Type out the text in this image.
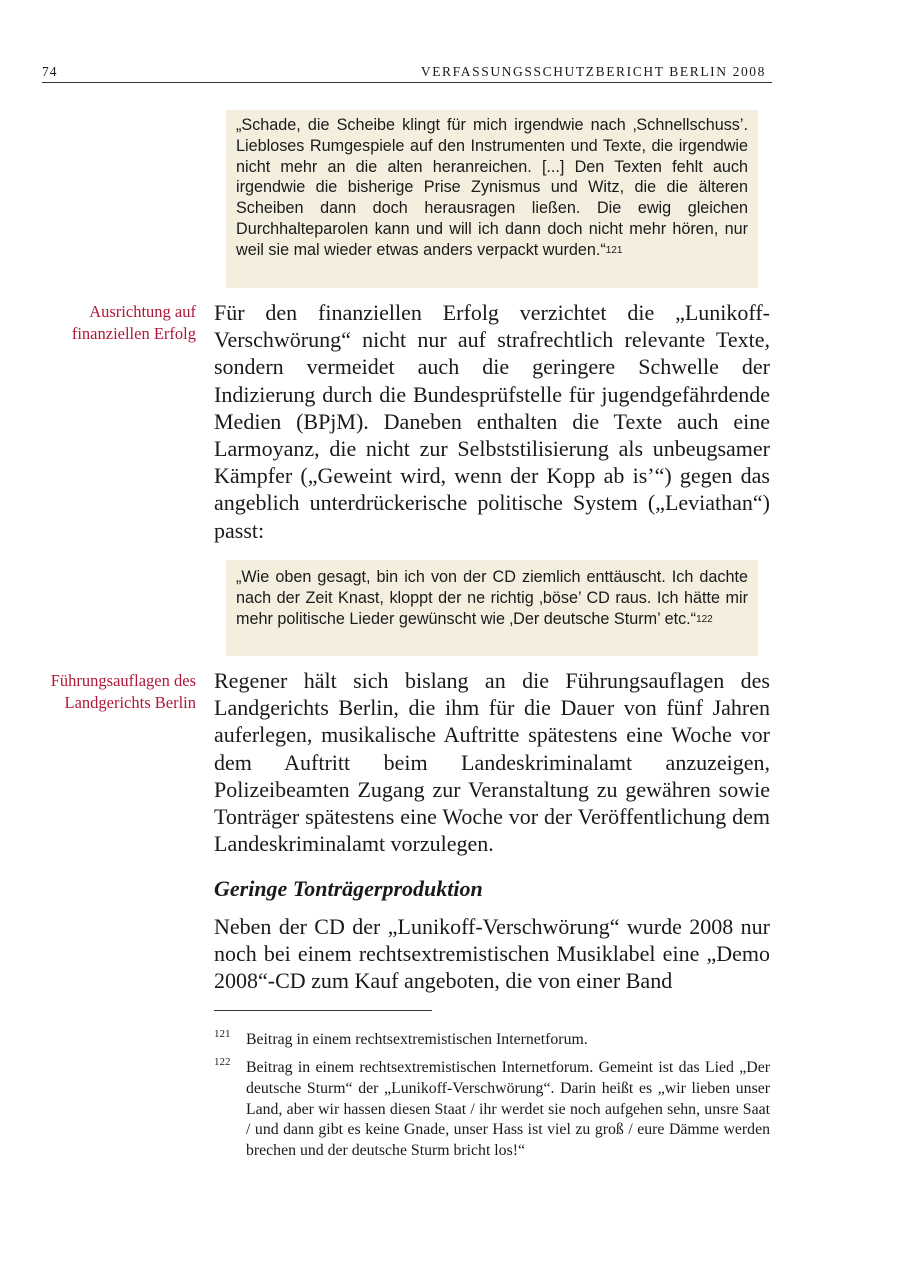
74	VERFASSUNGSSCHUTZBERICHT BERLIN 2008
„Schade, die Scheibe klingt für mich irgendwie nach ‚Schnellschuss’. Liebloses Rumgespiele auf den Instrumenten und Texte, die irgendwie nicht mehr an die alten heranreichen. [...] Den Texten fehlt auch irgendwie die bisherige Prise Zynismus und Witz, die die älteren Scheiben dann doch herausragen ließen. Die ewig gleichen Durchhalteparolen kann und will ich dann doch nicht mehr hören, nur weil sie mal wieder etwas anders verpackt wurden.“$^{121}$
Ausrichtung auf finanziellen Erfolg

Für den finanziellen Erfolg verzichtet die „Lunikoff-Verschwörung“ nicht nur auf strafrechtlich relevante Texte, sondern vermeidet auch die geringere Schwelle der Indizierung durch die Bundesprüfstelle für jugendgefährdende Medien (BPjM). Daneben enthalten die Texte auch eine Larmoyanz, die nicht zur Selbststilisierung als unbeugsamer Kämpfer („Geweint wird, wenn der Kopp ab is’“) gegen das angeblich unterdrückerische politische System („Leviathan“) passt:

„Wie oben gesagt, bin ich von der CD ziemlich enttäuscht. Ich dachte nach der Zeit Knast, kloppt der ne richtig ‚böse’ CD raus. Ich hätte mir mehr politische Lieder gewünscht wie ‚Der deutsche Sturm’ etc.“$^{122}$
Führungsauflagen des Landgerichts Berlin

Regener hält sich bislang an die Führungsauflagen des Landgerichts Berlin, die ihm für die Dauer von fünf Jahren auferlegen, musikalische Auftritte spätestens eine Woche vor dem Auftritt beim Landeskriminalamt anzuzeigen, Polizeibeamten Zugang zur Veranstaltung zu gewähren sowie Tonträger spätestens eine Woche vor der Veröffentlichung dem Landeskriminalamt vorzulegen.

Geringe Tonträgerproduktion

Neben der CD der „Lunikoff-Verschwörung“ wurde 2008 nur noch bei einem rechtsextremistischen Musiklabel eine „Demo 2008“-CD zum Kauf angeboten, die von einer Band

121 Beitrag in einem rechtsextremistischen Internetforum.
122 Beitrag in einem rechtsextremistischen Internetforum. Gemeint ist das Lied „Der deutsche Sturm“ der „Lunikoff-Verschwörung“. Darin heißt es „wir lieben unser Land, aber wir hassen diesen Staat / ihr werdet sie noch aufgehen sehn, unsre Saat / und dann gibt es keine Gnade, unser Hass ist viel zu groß / eure Dämme werden brechen und der deutsche Sturm bricht los!“
